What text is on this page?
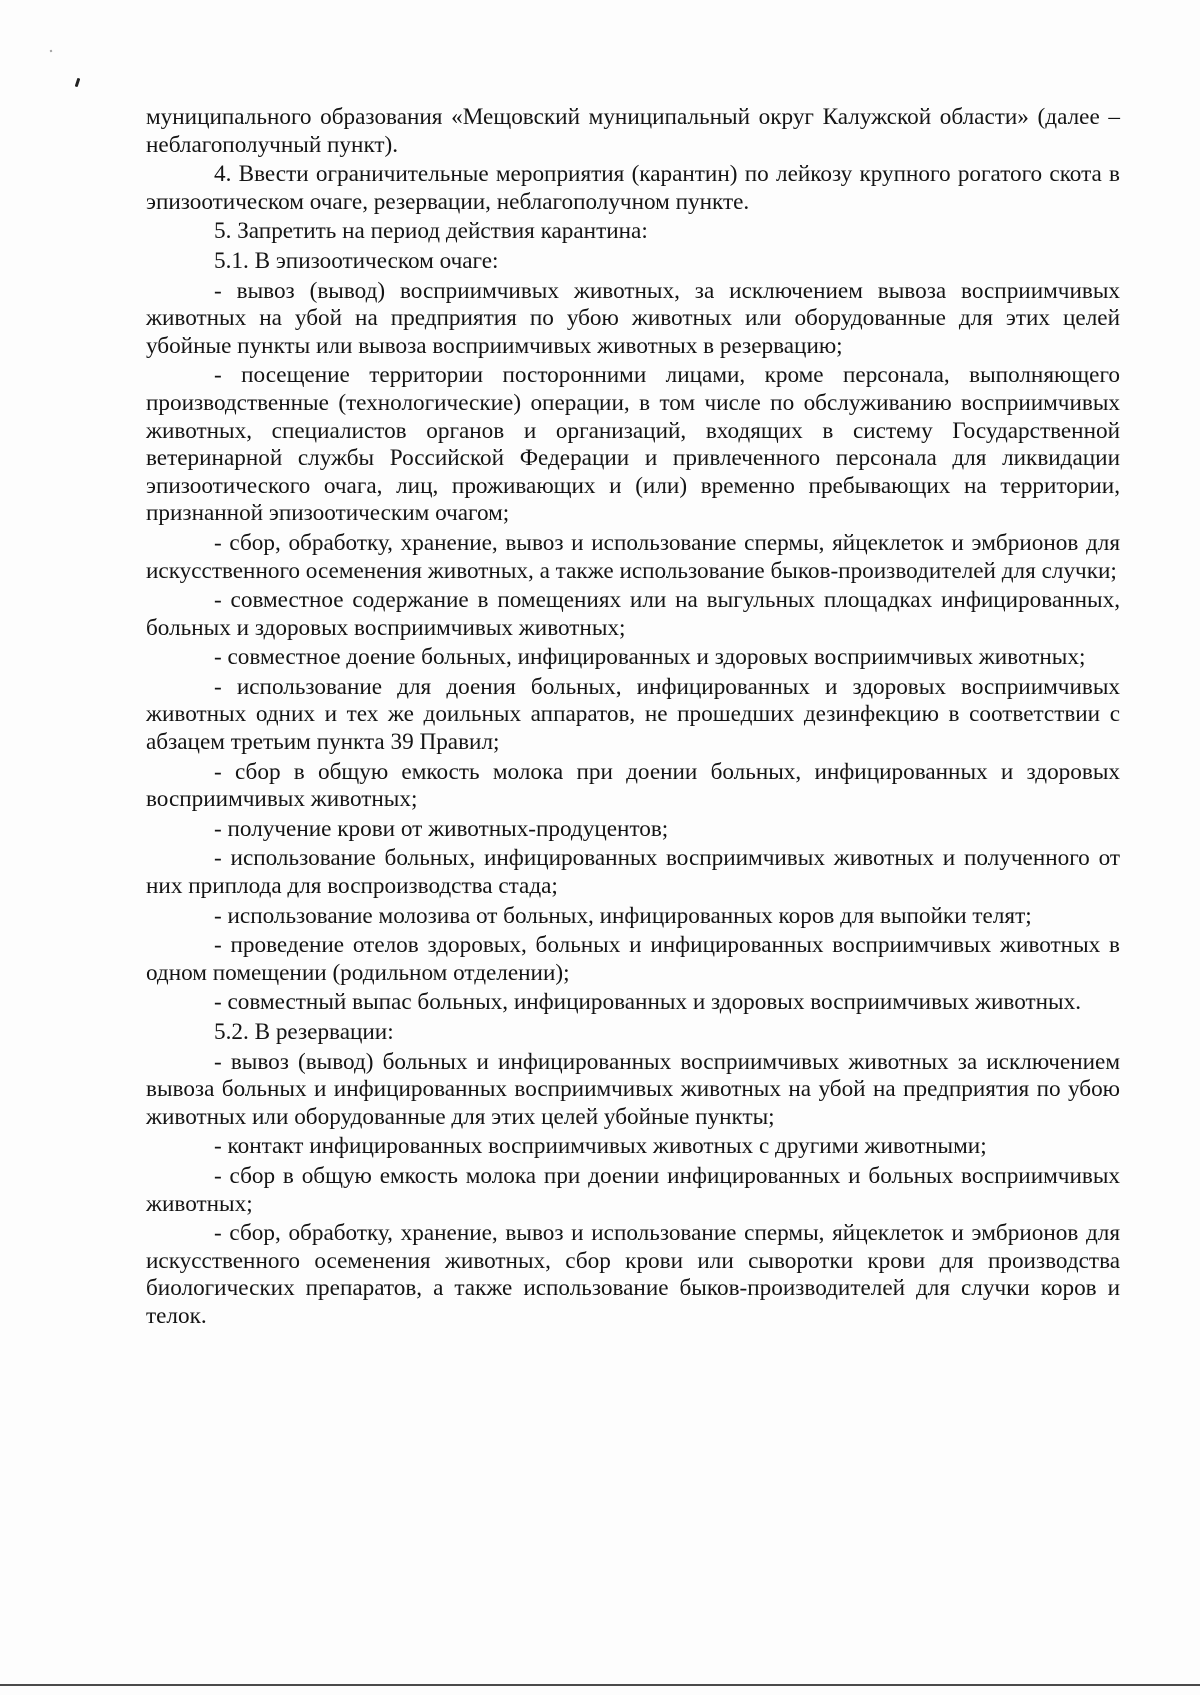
муниципального образования «Мещовский муниципальный округ Калужской области» (далее – неблагополучный пункт).

4. Ввести ограничительные мероприятия (карантин) по лейкозу крупного рогатого скота в эпизоотическом очаге, резервации, неблагополучном пункте.

5. Запретить на период действия карантина:

5.1. В эпизоотическом очаге:

- вывоз (вывод) восприимчивых животных, за исключением вывоза восприимчивых животных на убой на предприятия по убою животных или оборудованные для этих целей убойные пункты или вывоза восприимчивых животных в резервацию;

- посещение территории посторонними лицами, кроме персонала, выполняющего производственные (технологические) операции, в том числе по обслуживанию восприимчивых животных, специалистов органов и организаций, входящих в систему Государственной ветеринарной службы Российской Федерации и привлеченного персонала для ликвидации эпизоотического очага, лиц, проживающих и (или) временно пребывающих на территории, признанной эпизоотическим очагом;

- сбор, обработку, хранение, вывоз и использование спермы, яйцеклеток и эмбрионов для искусственного осеменения животных, а также использование быков-производителей для случки;

- совместное содержание в помещениях или на выгульных площадках инфицированных, больных и здоровых восприимчивых животных;

- совместное доение больных, инфицированных и здоровых восприимчивых животных;

- использование для доения больных, инфицированных и здоровых восприимчивых животных одних и тех же доильных аппаратов, не прошедших дезинфекцию в соответствии с абзацем третьим пункта 39 Правил;

- сбор в общую емкость молока при доении больных, инфицированных и здоровых восприимчивых животных;

- получение крови от животных-продуцентов;

- использование больных, инфицированных восприимчивых животных и полученного от них приплода для воспроизводства стада;

- использование молозива от больных, инфицированных коров для выпойки телят;

- проведение отелов здоровых, больных и инфицированных восприимчивых животных в одном помещении (родильном отделении);

- совместный выпас больных, инфицированных и здоровых восприимчивых животных.

5.2. В резервации:

- вывоз (вывод) больных и инфицированных восприимчивых животных за исключением вывоза больных и инфицированных восприимчивых животных на убой на предприятия по убою животных или оборудованные для этих целей убойные пункты;

- контакт инфицированных восприимчивых животных с другими животными;

- сбор в общую емкость молока при доении инфицированных и больных восприимчивых животных;

- сбор, обработку, хранение, вывоз и использование спермы, яйцеклеток и эмбрионов для искусственного осеменения животных, сбор крови или сыворотки крови для производства биологических препаратов, а также использование быков-производителей для случки коров и телок.
